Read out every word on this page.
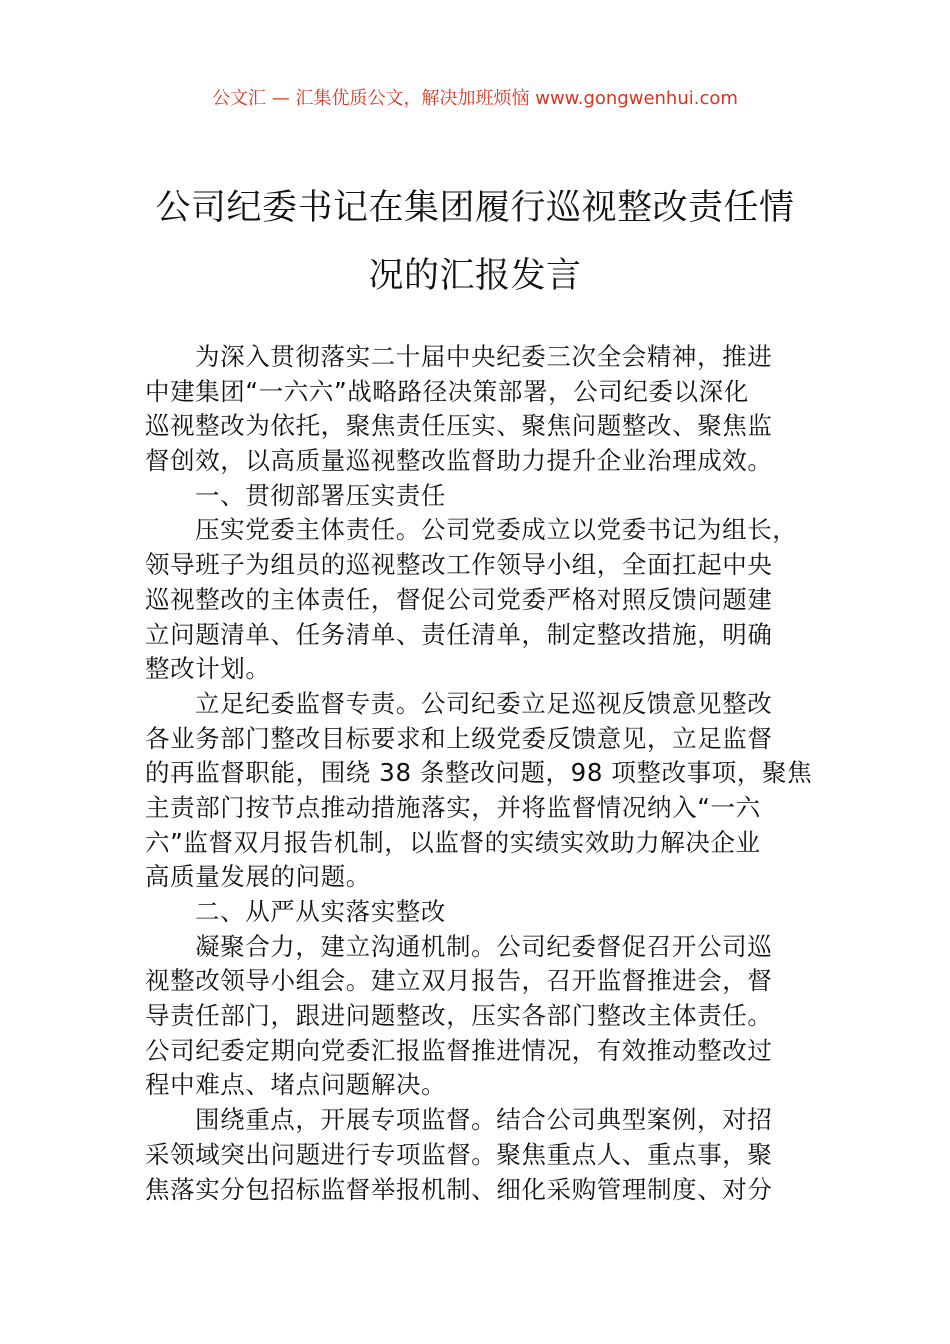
公文汇 — 汇集优质公文，解决加班烦恼 www.gongwenhui.com
公司纪委书记在集团履行巡视整改责任情
况的汇报发言
为深入贯彻落实二十届中央纪委三次全会精神，推进
中建集团“一六六”战略路径决策部署，公司纪委以深化
巡视整改为依托，聚焦责任压实、聚焦问题整改、聚焦监
督创效，以高质量巡视整改监督助力提升企业治理成效。
一、贯彻部署压实责任
压实党委主体责任。公司党委成立以党委书记为组长，
领导班子为组员的巡视整改工作领导小组，全面扛起中央
巡视整改的主体责任，督促公司党委严格对照反馈问题建
立问题清单、任务清单、责任清单，制定整改措施，明确
整改计划。
立足纪委监督专责。公司纪委立足巡视反馈意见整改
各业务部门整改目标要求和上级党委反馈意见，立足监督
的再监督职能，围绕 38 条整改问题，98 项整改事项，聚焦
主责部门按节点推动措施落实，并将监督情况纳入“一六
六”监督双月报告机制，以监督的实绩实效助力解决企业
高质量发展的问题。
二、从严从实落实整改
凝聚合力，建立沟通机制。公司纪委督促召开公司巡
视整改领导小组会。建立双月报告，召开监督推进会，督
导责任部门，跟进问题整改，压实各部门整改主体责任。
公司纪委定期向党委汇报监督推进情况，有效推动整改过
程中难点、堵点问题解决。
围绕重点，开展专项监督。结合公司典型案例，对招
采领域突出问题进行专项监督。聚焦重点人、重点事，聚
焦落实分包招标监督举报机制、细化采购管理制度、对分
